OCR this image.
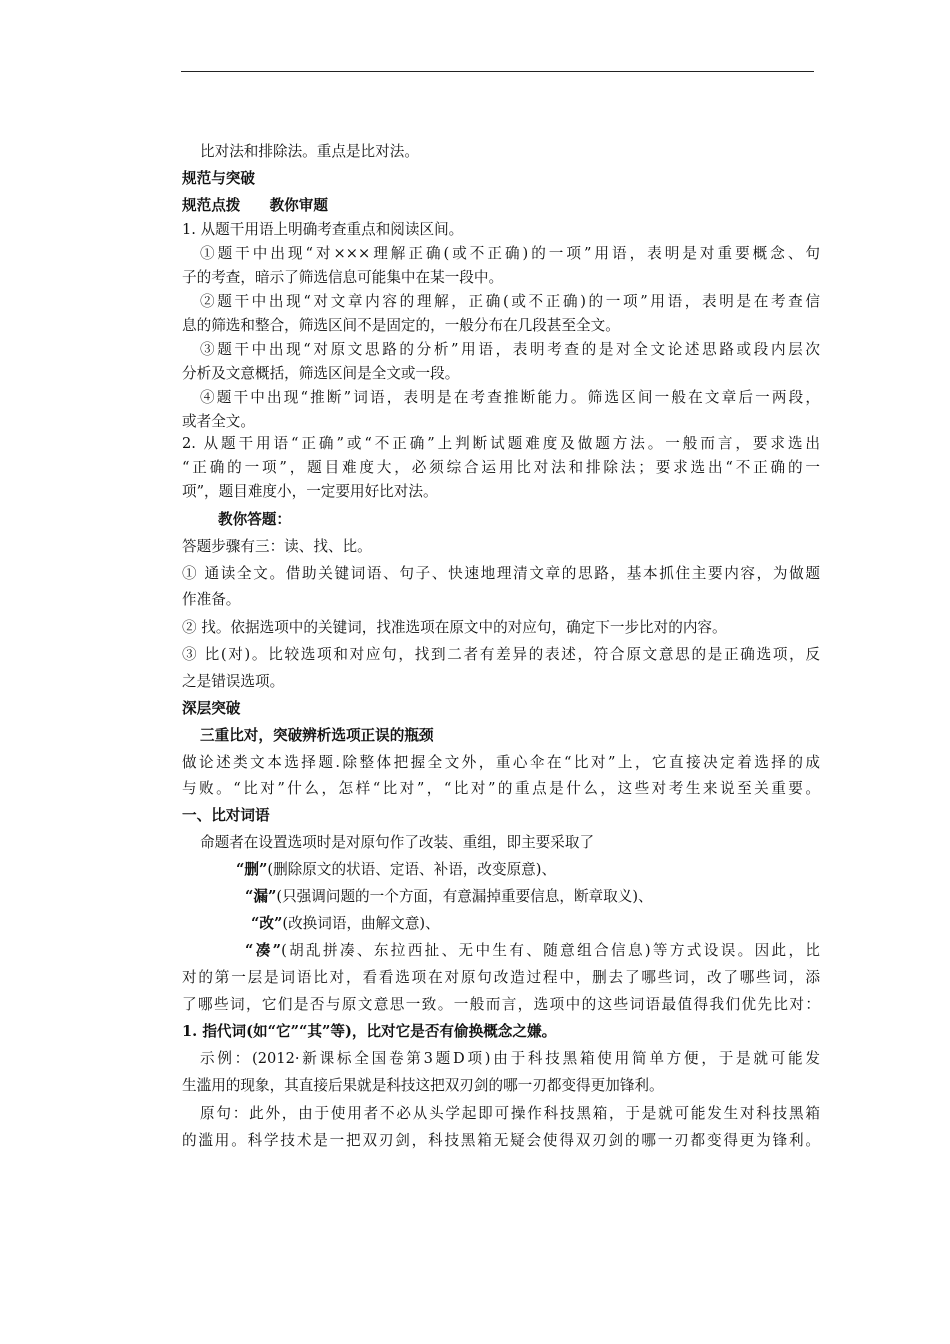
比对法和排除法。重点是比对法。
规范与突破
规范点拨　　教你审题
1. 从题干用语上明确考查重点和阅读区间。
①题干中出现“对×××理解正确(或不正确)的一项”用语，表明是对重要概念、句
子的考查，暗示了筛选信息可能集中在某一段中。
②题干中出现“对文章内容的理解，正确(或不正确)的一项”用语，表明是在考查信
息的筛选和整合，筛选区间不是固定的，一般分布在几段甚至全文。
③题干中出现“对原文思路的分析”用语，表明考查的是对全文论述思路或段内层次
分析及文意概括，筛选区间是全文或一段。
④题干中出现“推断”词语，表明是在考查推断能力。筛选区间一般在文章后一两段，
或者全文。
2. 从题干用语“正确”或“不正确”上判断试题难度及做题方法。一般而言，要求选出
“正确的一项”，题目难度大，必须综合运用比对法和排除法；要求选出“不正确的一
项”，题目难度小，一定要用好比对法。
教你答题：
答题步骤有三：读、找、比。
① 通读全文。借助关键词语、句子、快速地理清文章的思路，基本抓住主要内容，为做题
作准备。
② 找。依据选项中的关键词，找准选项在原文中的对应句，确定下一步比对的内容。
③ 比(对)。比较选项和对应句，找到二者有差异的表述，符合原文意思的是正确选项，反
之是错误选项。
深层突破
三重比对，突破辨析选项正误的瓶颈
做论述类文本选择题.除整体把握全文外，重心伞在“比对”上，它直接决定着选择的成
与败。“比对”什么，怎样“比对”，“比对”的重点是什么，这些对考生来说至关重要。
一、比对词语
命题者在设置选项时是对原句作了改装、重组，即主要采取了
“删”(删除原文的状语、定语、补语，改变原意)、
“漏”(只强调问题的一个方面，有意漏掉重要信息，断章取义)、
“改”(改换词语，曲解文意)、
“凑”(胡乱拼凑、东拉西扯、无中生有、随意组合信息)等方式设误。因此，比
对的第一层是词语比对，看看选项在对原句改造过程中，删去了哪些词，改了哪些词，添
了哪些词，它们是否与原文意思一致。一般而言，选项中的这些词语最值得我们优先比对：
1. 指代词(如“它”“其”等)，比对它是否有偷换概念之嫌。
示例：(2012·新课标全国卷第3题D项)由于科技黑箱使用简单方便，于是就可能发
生滥用的现象，其直接后果就是科技这把双刃剑的哪一刃都变得更加锋利。
原句：此外，由于使用者不必从头学起即可操作科技黑箱，于是就可能发生对科技黑箱
的滥用。科学技术是一把双刃剑，科技黑箱无疑会使得双刃剑的哪一刃都变得更为锋利。
